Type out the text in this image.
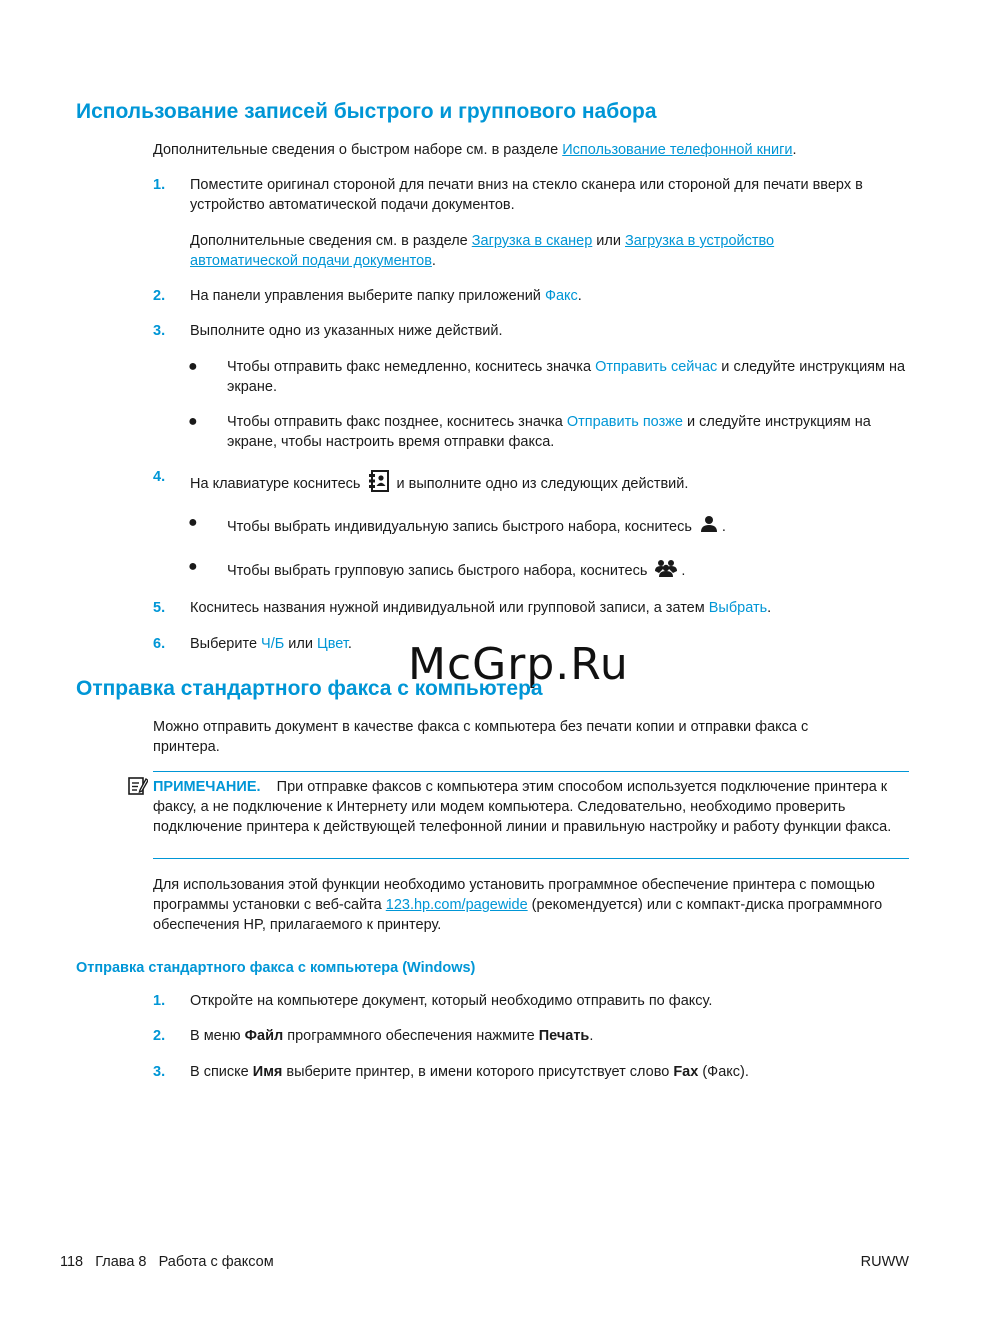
Использование записей быстрого и группового набора
Дополнительные сведения о быстром наборе см. в разделе Использование телефонной книги.
1. Поместите оригинал стороной для печати вниз на стекло сканера или стороной для печати вверх в устройство автоматической подачи документов.
Дополнительные сведения см. в разделе Загрузка в сканер или Загрузка в устройство автоматической подачи документов.
2. На панели управления выберите папку приложений Факс.
3. Выполните одно из указанных ниже действий.
● Чтобы отправить факс немедленно, коснитесь значка Отправить сейчас и следуйте инструкциям на экране.
● Чтобы отправить факс позднее, коснитесь значка Отправить позже и следуйте инструкциям на экране, чтобы настроить время отправки факса.
4. На клавиатуре коснитесь  и выполните одно из следующих действий.
● Чтобы выбрать индивидуальную запись быстрого набора, коснитесь .
● Чтобы выбрать групповую запись быстрого набора, коснитесь .
5. Коснитесь названия нужной индивидуальной или групповой записи, а затем Выбрать.
6. Выберите Ч/Б или Цвет.	McGrp.Ru
Отправка стандартного факса с компьютера
Можно отправить документ в качестве факса с компьютера без печати копии и отправки факса с принтера.
ПРИМЕЧАНИЕ. При отправке факсов с компьютера этим способом используется подключение принтера к факсу, а не подключение к Интернету или модем компьютера. Следовательно, необходимо проверить подключение принтера к действующей телефонной линии и правильную настройку и работу функции факса.
Для использования этой функции необходимо установить программное обеспечение принтера с помощью программы установки с веб-сайта 123.hp.com/pagewide (рекомендуется) или с компакт-диска программного обеспечения HP, прилагаемого к принтеру.
Отправка стандартного факса с компьютера (Windows)
1. Откройте на компьютере документ, который необходимо отправить по факсу.
2. В меню Файл программного обеспечения нажмите Печать.
3. В списке Имя выберите принтер, в имени которого присутствует слово Fax (Факс).
118 Глава 8 Работа с факсом	RUWW
